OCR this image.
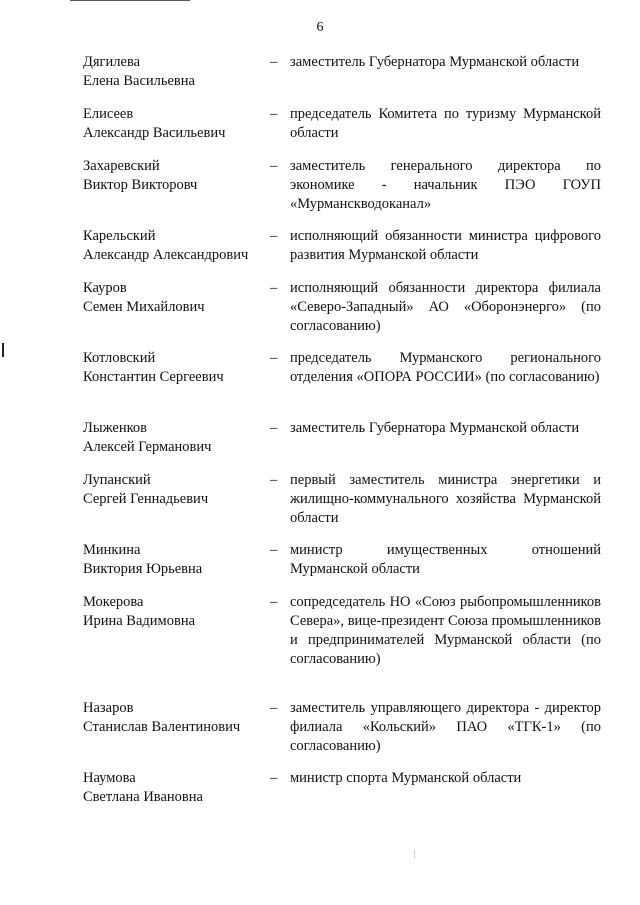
6
Дягилева
Елена Васильевна
– заместитель Губернатора Мурманской области
Елисеев
Александр Васильевич
– председатель Комитета по туризму Мурманской области
Захаревский
Виктор Викторовч
– заместитель генерального директора по экономике - начальник ПЭО ГОУП «Мурманскводоканал»
Карельский
Александр Александрович
– исполняющий обязанности министра цифрового развития Мурманской области
Кауров
Семен Михайлович
– исполняющий обязанности директора филиала «Северо-Западный» АО «Оборонэнерго» (по согласованию)
Котловский
Константин Сергеевич
– председатель Мурманского регионального отделения «ОПОРА РОССИИ» (по согласованию)
Лыженков
Алексей Германович
– заместитель Губернатора Мурманской области
Лупанский
Сергей Геннадьевич
– первый заместитель министра энергетики и жилищно-коммунального хозяйства Мурманской области
Минкина
Виктория Юрьевна
– министр имущественных отношений Мурманской области
Мокерова
Ирина Вадимовна
– сопредседатель НО «Союз рыбопромышленников Севера», вице-президент Союза промышленников и предпринимателей Мурманской области (по согласованию)
Назаров
Станислав Валентинович
– заместитель управляющего директора - директор филиала «Кольский» ПАО «ТГК-1» (по согласованию)
Наумова
Светлана Ивановна
– министр спорта Мурманской области
